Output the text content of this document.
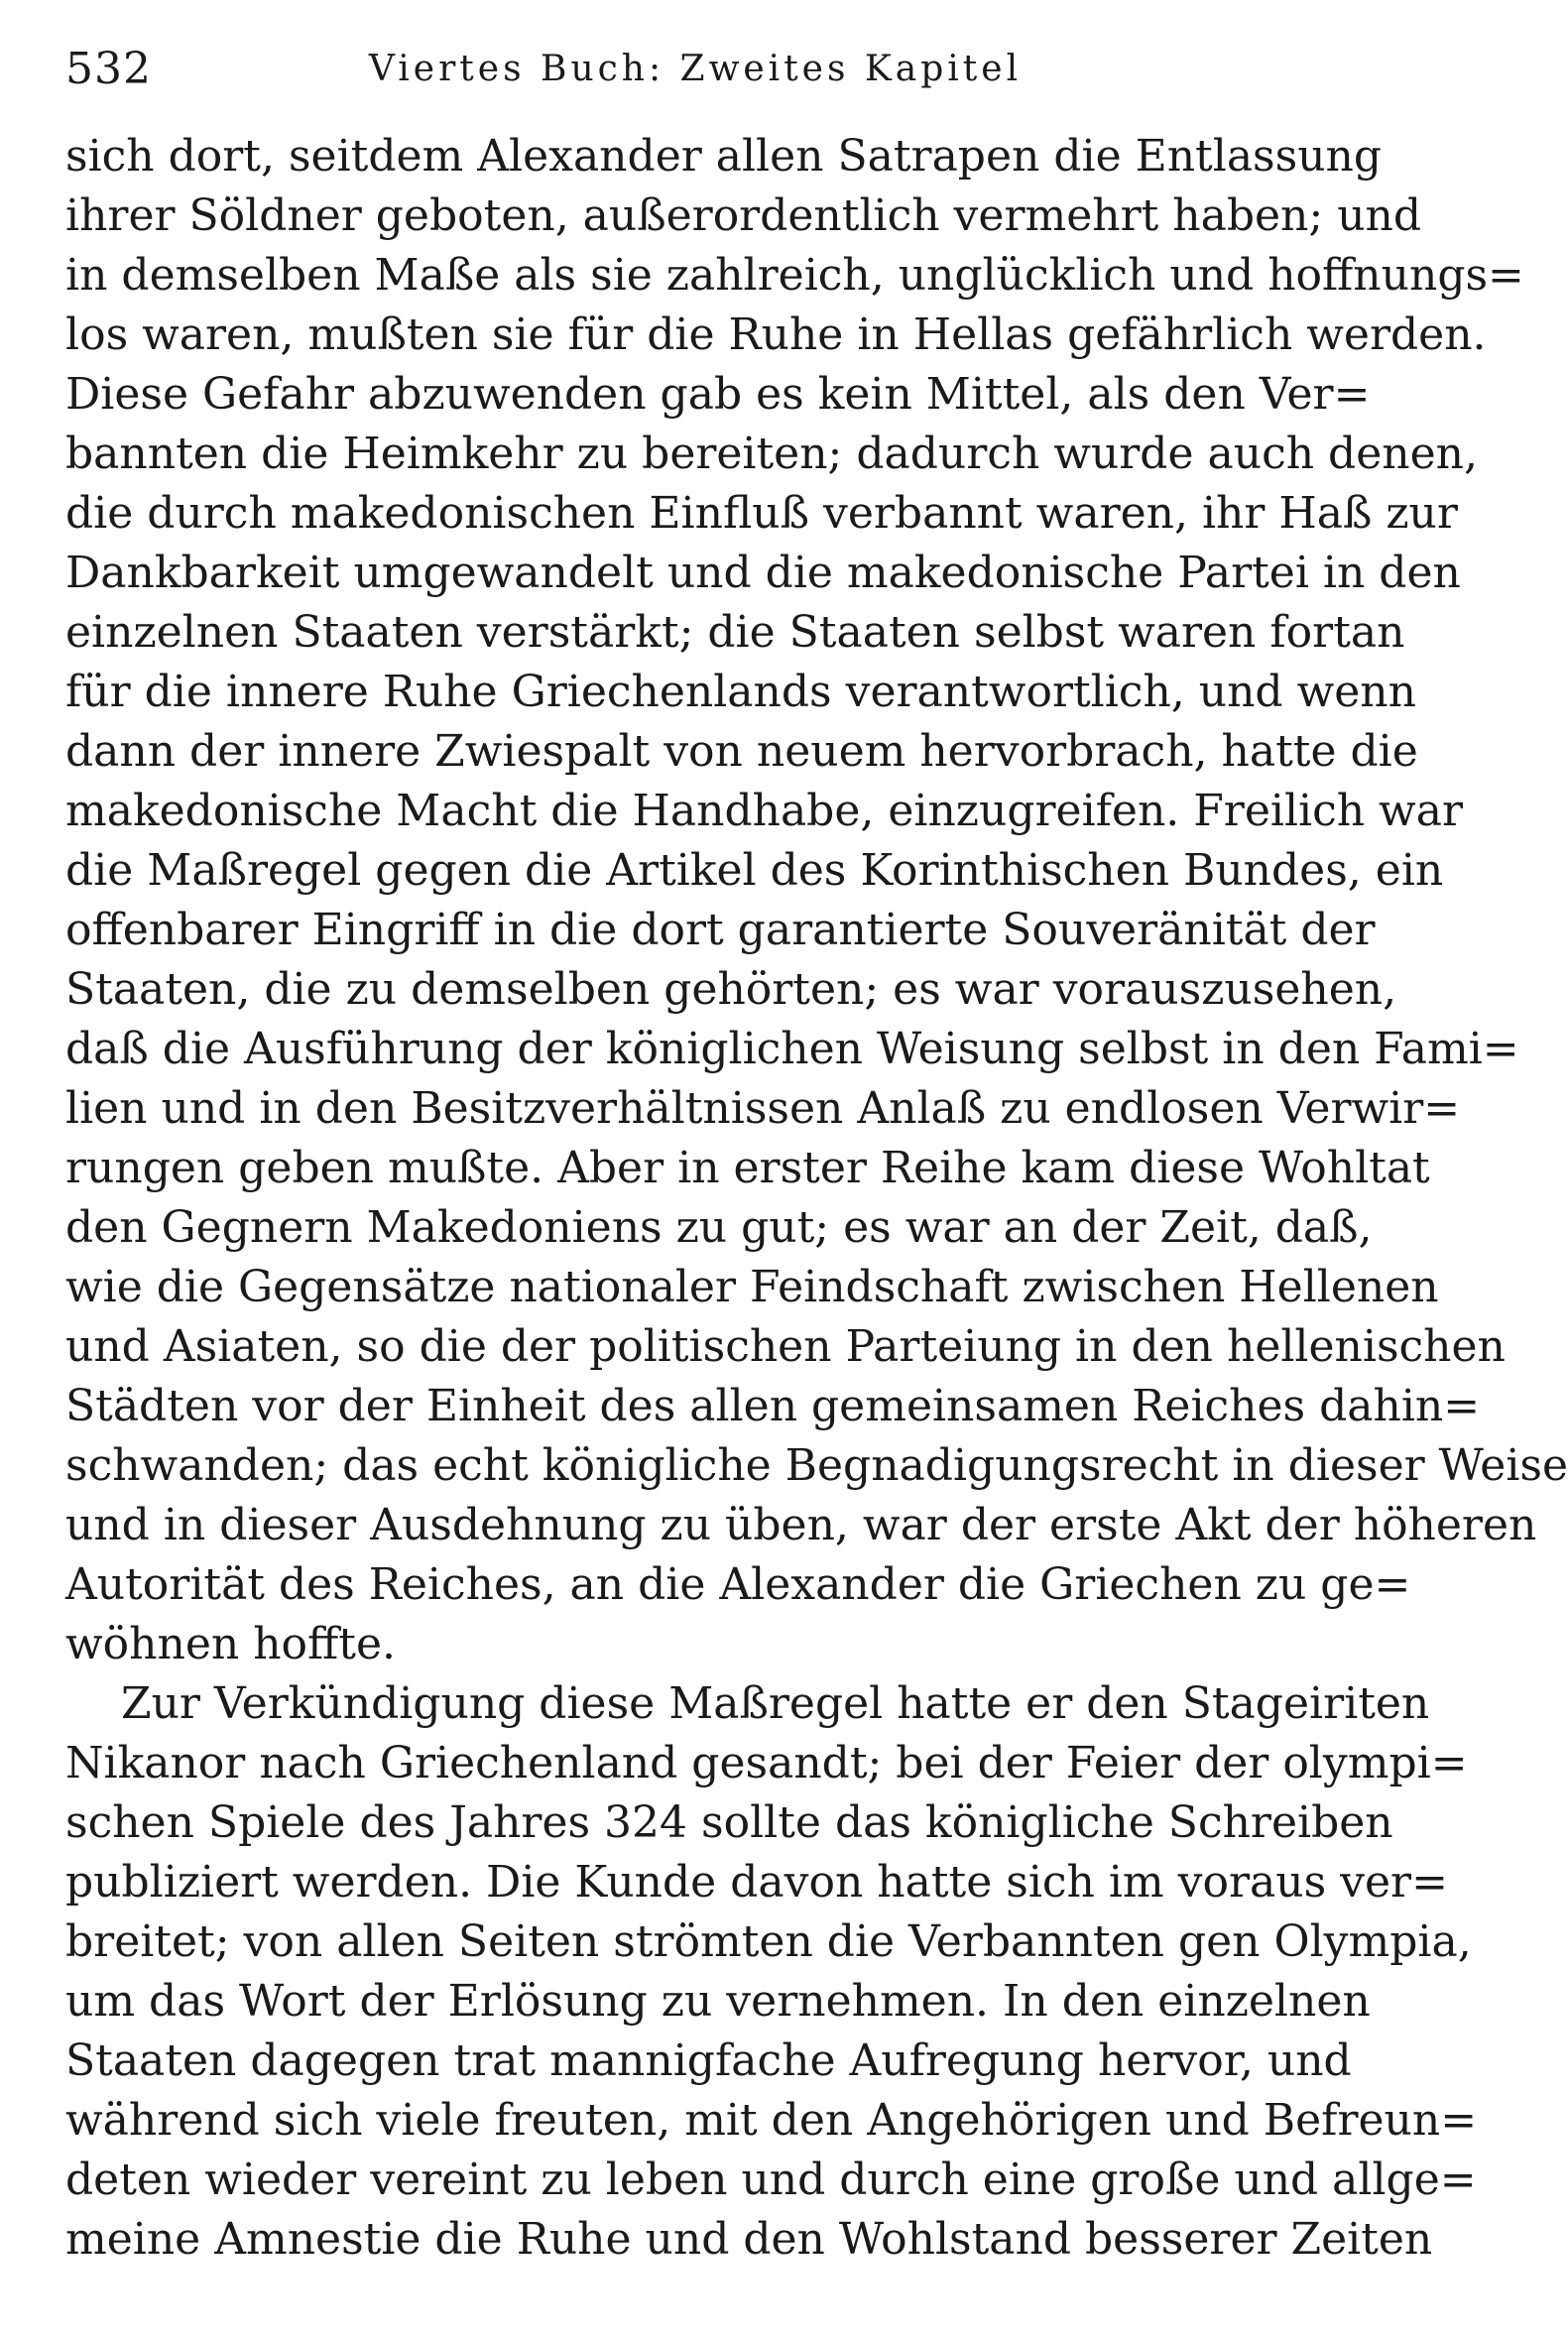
532	Viertes Buch: Zweites Kapitel
sich dort, seitdem Alexander allen Satrapen die Entlassung
ihrer Söldner geboten, außerordentlich vermehrt haben; und
in demselben Maße als sie zahlreich, unglücklich und hoffnungs=
los waren, mußten sie für die Ruhe in Hellas gefährlich werden.
Diese Gefahr abzuwenden gab es kein Mittel, als den Ver=
bannten die Heimkehr zu bereiten; dadurch wurde auch denen,
die durch makedonischen Einfluß verbannt waren, ihr Haß zur
Dankbarkeit umgewandelt und die makedonische Partei in den
einzelnen Staaten verstärkt; die Staaten selbst waren fortan
für die innere Ruhe Griechenlands verantwortlich, und wenn
dann der innere Zwiespalt von neuem hervorbrach, hatte die
makedonische Macht die Handhabe, einzugreifen. Freilich war
die Maßregel gegen die Artikel des Korinthischen Bundes, ein
offenbarer Eingriff in die dort garantierte Souveränität der
Staaten, die zu demselben gehörten; es war vorauszusehen,
daß die Ausführung der königlichen Weisung selbst in den Fami=
lien und in den Besitzverhältnissen Anlaß zu endlosen Verwir=
rungen geben mußte. Aber in erster Reihe kam diese Wohltat
den Gegnern Makedoniens zu gut; es war an der Zeit, daß,
wie die Gegensätze nationaler Feindschaft zwischen Hellenen
und Asiaten, so die der politischen Parteiung in den hellenischen
Städten vor der Einheit des allen gemeinsamen Reiches dahin=
schwanden; das echt königliche Begnadigungsrecht in dieser Weise
und in dieser Ausdehnung zu üben, war der erste Akt der höheren
Autorität des Reiches, an die Alexander die Griechen zu ge=
wöhnen hoffte.
Zur Verkündigung diese Maßregel hatte er den Stageiriten
Nikanor nach Griechenland gesandt; bei der Feier der olympi=
schen Spiele des Jahres 324 sollte das königliche Schreiben
publiziert werden. Die Kunde davon hatte sich im voraus ver=
breitet; von allen Seiten strömten die Verbannten gen Olympia,
um das Wort der Erlösung zu vernehmen. In den einzelnen
Staaten dagegen trat mannigfache Aufregung hervor, und
während sich viele freuten, mit den Angehörigen und Befreun=
deten wieder vereint zu leben und durch eine große und allge=
meine Amnestie die Ruhe und den Wohlstand besserer Zeiten
